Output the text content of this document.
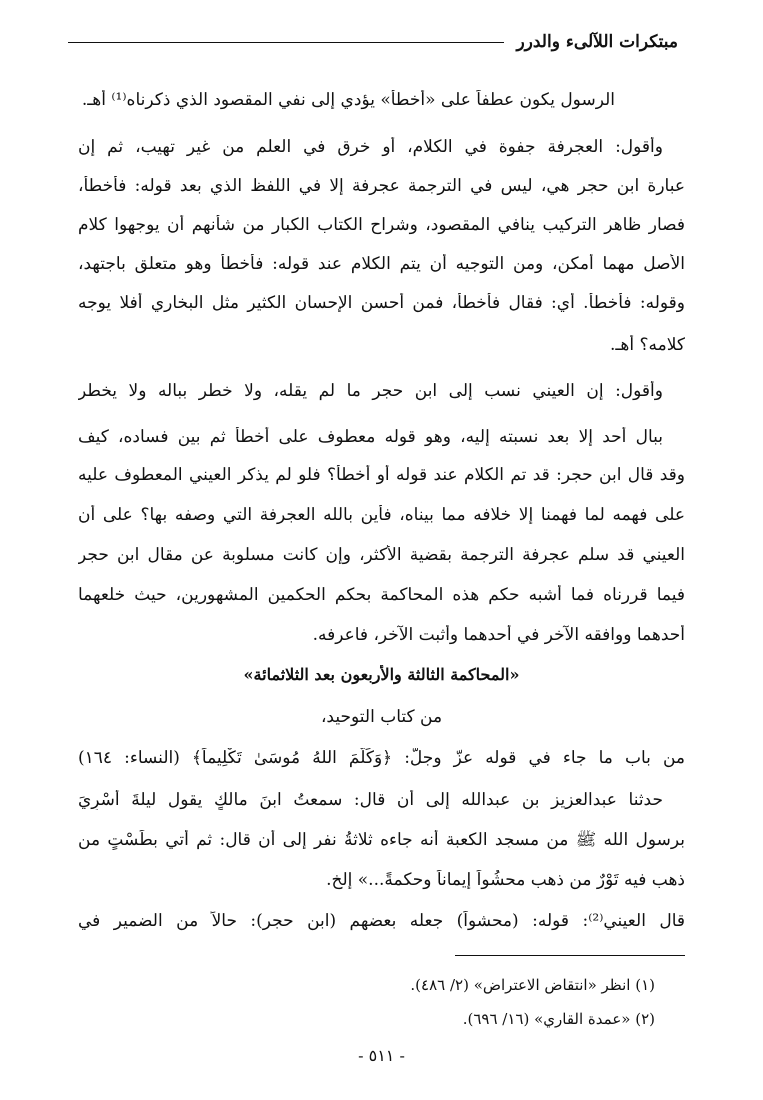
مبتكرات اللآلىء والدرر
الرسول يكون عطفاً على «أخطأ» يؤدي إلى نفي المقصود الذي ذكرناه⁽¹⁾ أهـ.
وأقول: العجرفة جفوة في الكلام، أو خرق في العلم من غير تهيب، ثم إن
عبارة ابن حجر هي، ليس في الترجمة عجرفة إلا في اللفظ الذي بعد قوله: فأخطأ،
فصار ظاهر التركيب ينافي المقصود، وشراح الكتاب الكبار من شأنهم أن يوجهوا كلام
الأصل مهما أمكن، ومن التوجيه أن يتم الكلام عند قوله: فأخطأ وهو متعلق باجتهد،
وقوله: فأخطأ. أي: فقال فأخطأ، فمن أحسن الإحسان الكثير مثل البخاري أفلا يوجه
كلامه؟ أهـ.
وأقول: إن العيني نسب إلى ابن حجر ما لم يقله، ولا خطر بباله ولا يخطر
ببال أحد إلا بعد نسبته إليه، وهو قوله معطوف على أخطأ ثم بين فساده، كيف
وقد قال ابن حجر: قد تم الكلام عند قوله أو أخطأ؟ فلو لم يذكر العيني المعطوف عليه
على فهمه لما فهمنا إلا خلافه مما بيناه، فأين بالله العجرفة التي وصفه بها؟ على أن
العيني قد سلم عجرفة الترجمة بقضية الأكثر، وإن كانت مسلوبة عن مقال ابن حجر
فيما قررناه فما أشبه حكم هذه المحاكمة بحكم الحكمين المشهورين، حيث خلعهما
أحدهما ووافقه الآخر في أحدهما وأثبت الآخر، فاعرفه.
«المحاكمة الثالثة والأربعون بعد الثلاثمائة»
من كتاب التوحيد،
من باب ما جاء في قوله عزّ وجلّ: ﴿وَكَلَّمَ اللهُ مُوسَىٰ تَكْلِيماً﴾ (النساء: ١٦٤)
حدثنا عبدالعزيز بن عبدالله إلى أن قال: سمعتُ ابنَ مالكٍ يقول ليلةَ أُسْرِيَ
برسول الله ﷺ من مسجد الكعبة أنه جاءه ثلاثةُ نفر إلى أن قال: ثم أُتي بطَسْتٍ من
ذهب فيه تَوْرٌ من ذهب محشُواً إيماناً وحكمةً...» إلخ.
قال العيني⁽²⁾: قوله: (محشواً) جعله بعضهم (ابن حجر): حالاً من الضمير في
(١) انظر «انتقاض الاعتراض» (٢/ ٤٨٦).
(٢) «عمدة القاري» (١٦/ ٦٩٦).
- ٥١١ -
